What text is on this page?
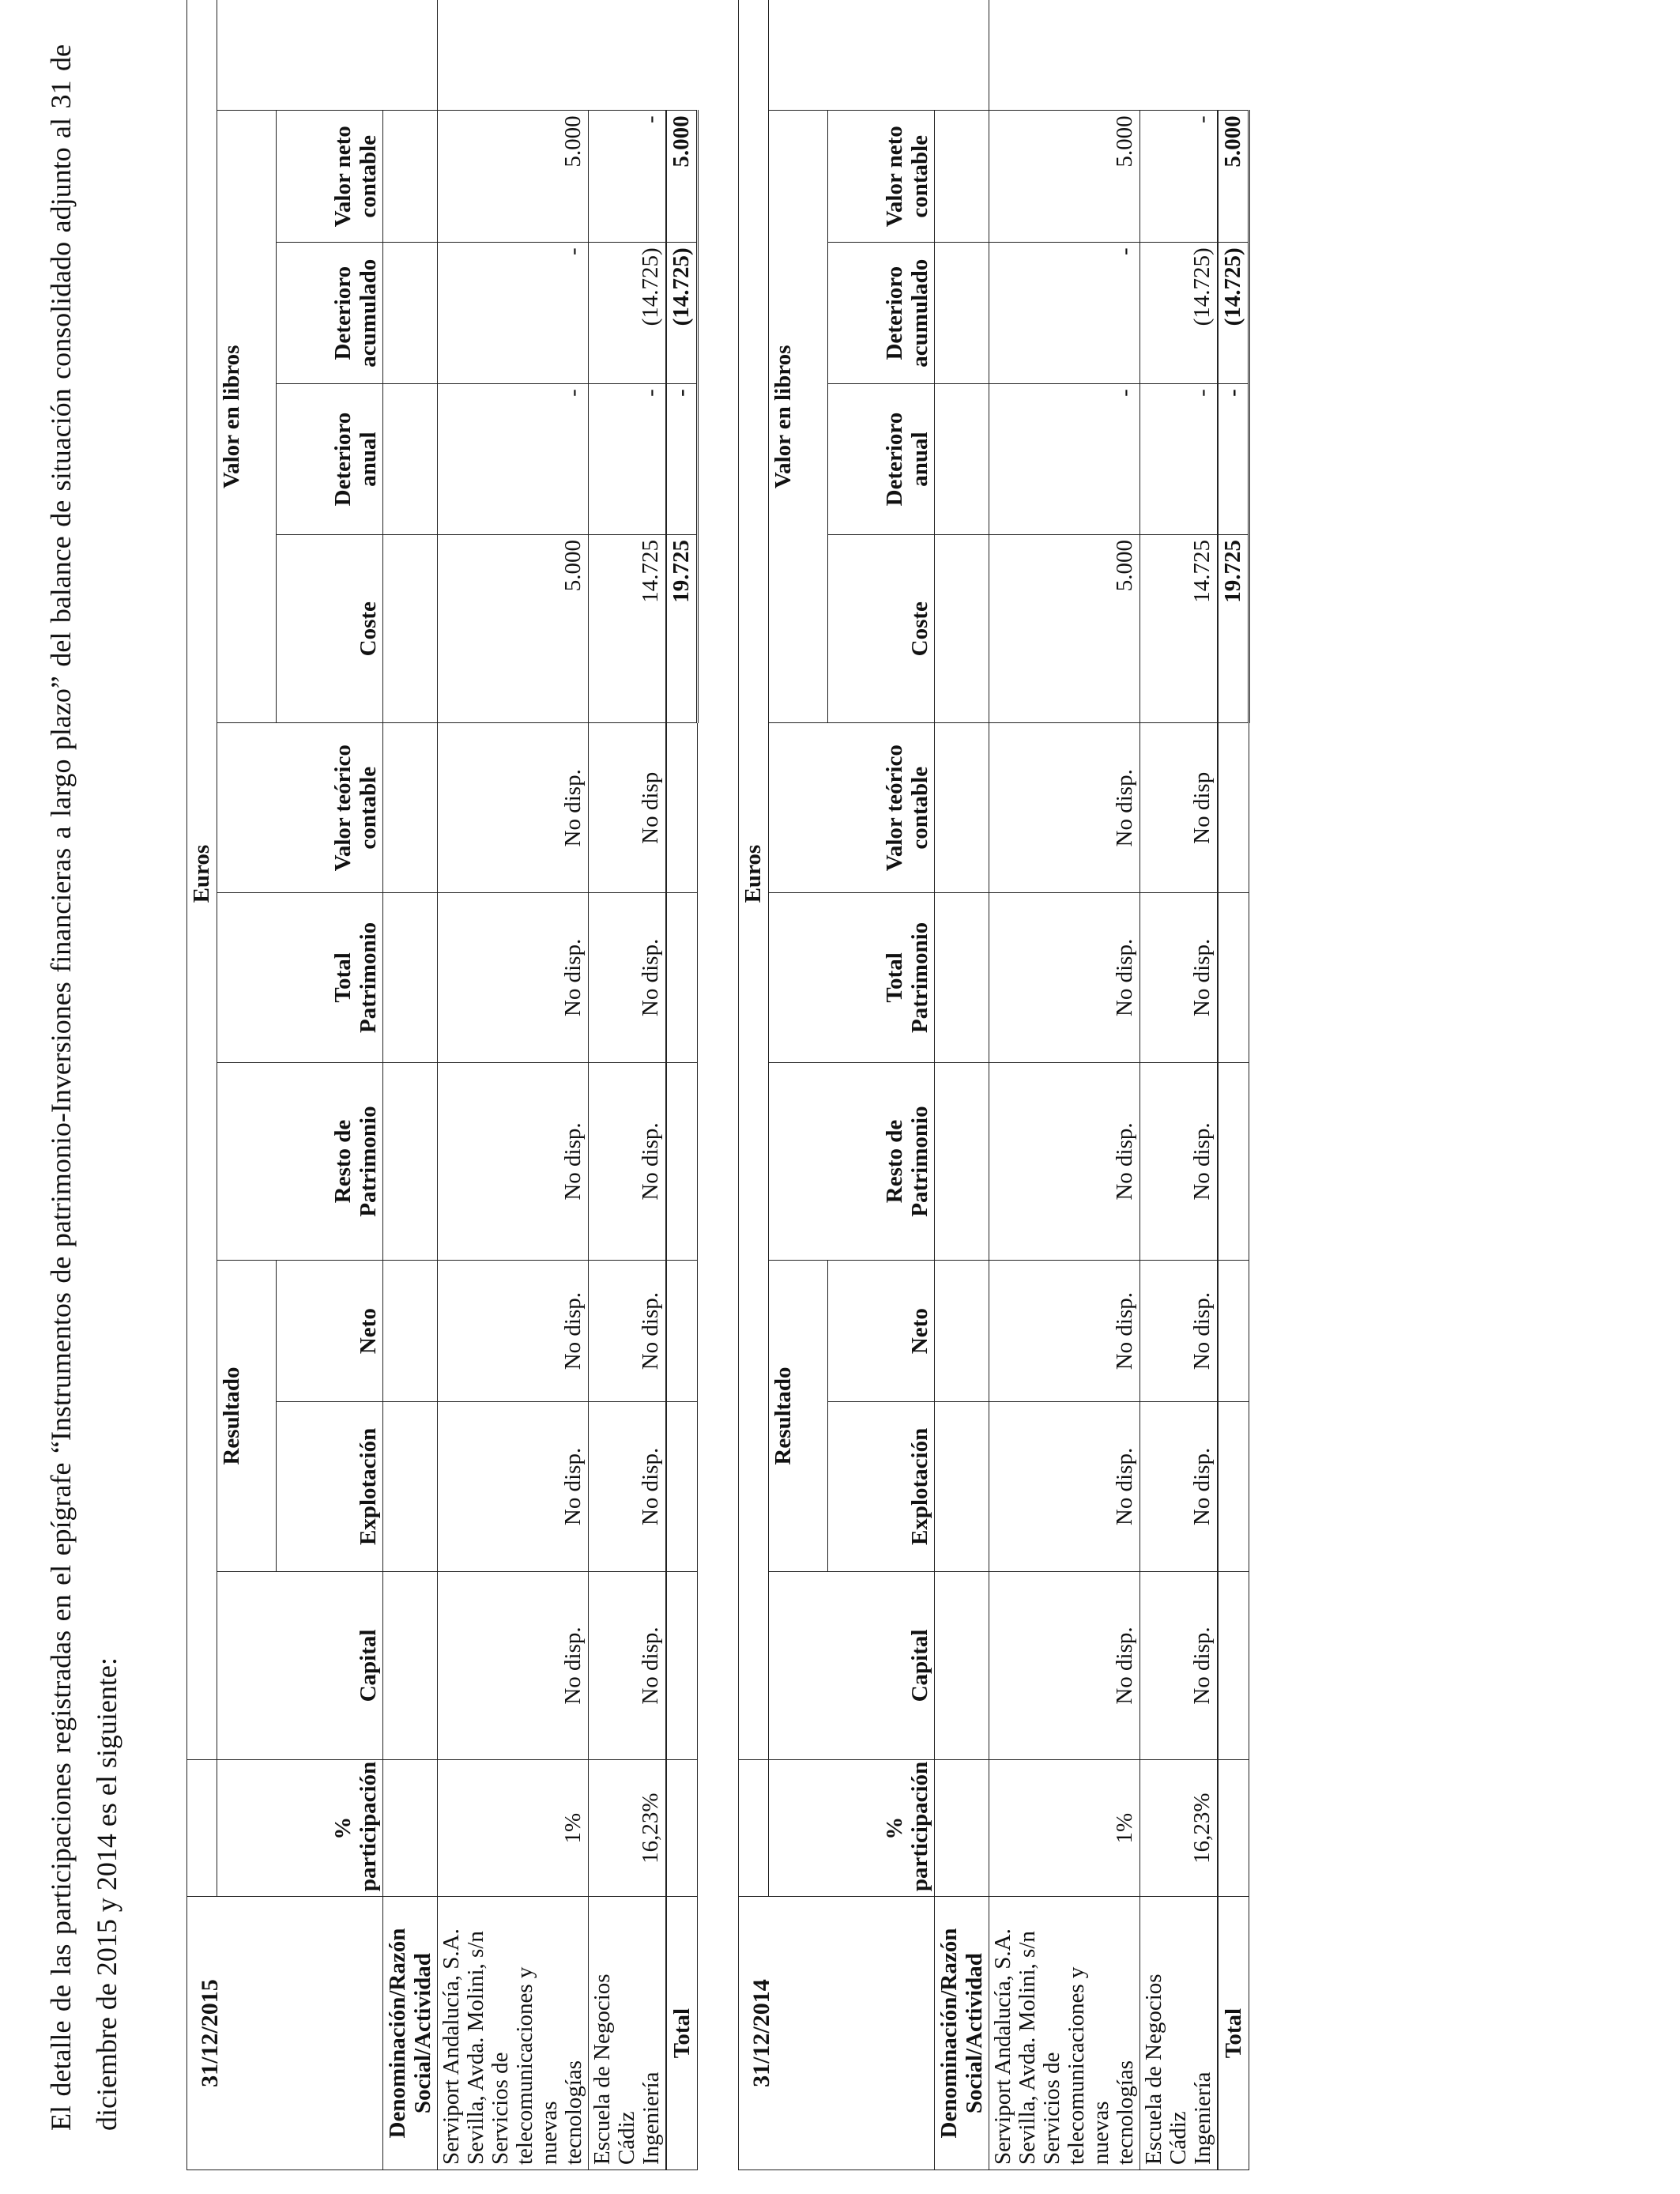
El detalle de las participaciones registradas en el epígrafe “Instrumentos de patrimonio-Inversiones financieras a largo plazo” del balance de situación consolidado adjunto al 31 de diciembre de 2015 y 2014 es el siguiente:	31/12/2015		Euros										
	% participación	Capital	Resultado		Resto de Patrimonio	Total Patrimonio	Valor teórico contable	Valor en libros				
			Explotación	Neto				Coste	Deterioro anual	Deterioro acumulado	Valor neto contable	
Denominación/Razón Social/Actividad												

Serviport Andalucía, S.A. Sevilla, Avda. Molini, s/n Servicios de telecomunicaciones y nuevas tecnologías	1%	No disp.	No disp.	No disp.	No disp.	No disp.	No disp.	5.000	-	-	5.000	

Escuela de Negocios Cádiz Ingeniería	16,23%	No disp.	No disp.	No disp.	No disp.	No disp.	No disp	14.725	-	(14.725)	-	
Total								19.725	-	(14.725)	5.000	
31/12/2014		Euros										
	% participación	Capital	Resultado		Resto de Patrimonio	Total Patrimonio	Valor teórico contable	Valor en libros				
			Explotación	Neto				Coste	Deterioro anual	Deterioro acumulado	Valor neto contable	
Denominación/Razón Social/Actividad												

Serviport Andalucía, S.A. Sevilla, Avda. Molini, s/n Servicios de telecomunicaciones y nuevas tecnologías	1%	No disp.	No disp.	No disp.	No disp.	No disp.	No disp.	5.000	-	-	5.000	

Escuela de Negocios Cádiz Ingeniería	16,23%	No disp.	No disp.	No disp.	No disp.	No disp.	No disp	14.725	-	(14.725)	-	
Total								19.725	-	(14.725)	5.000	
